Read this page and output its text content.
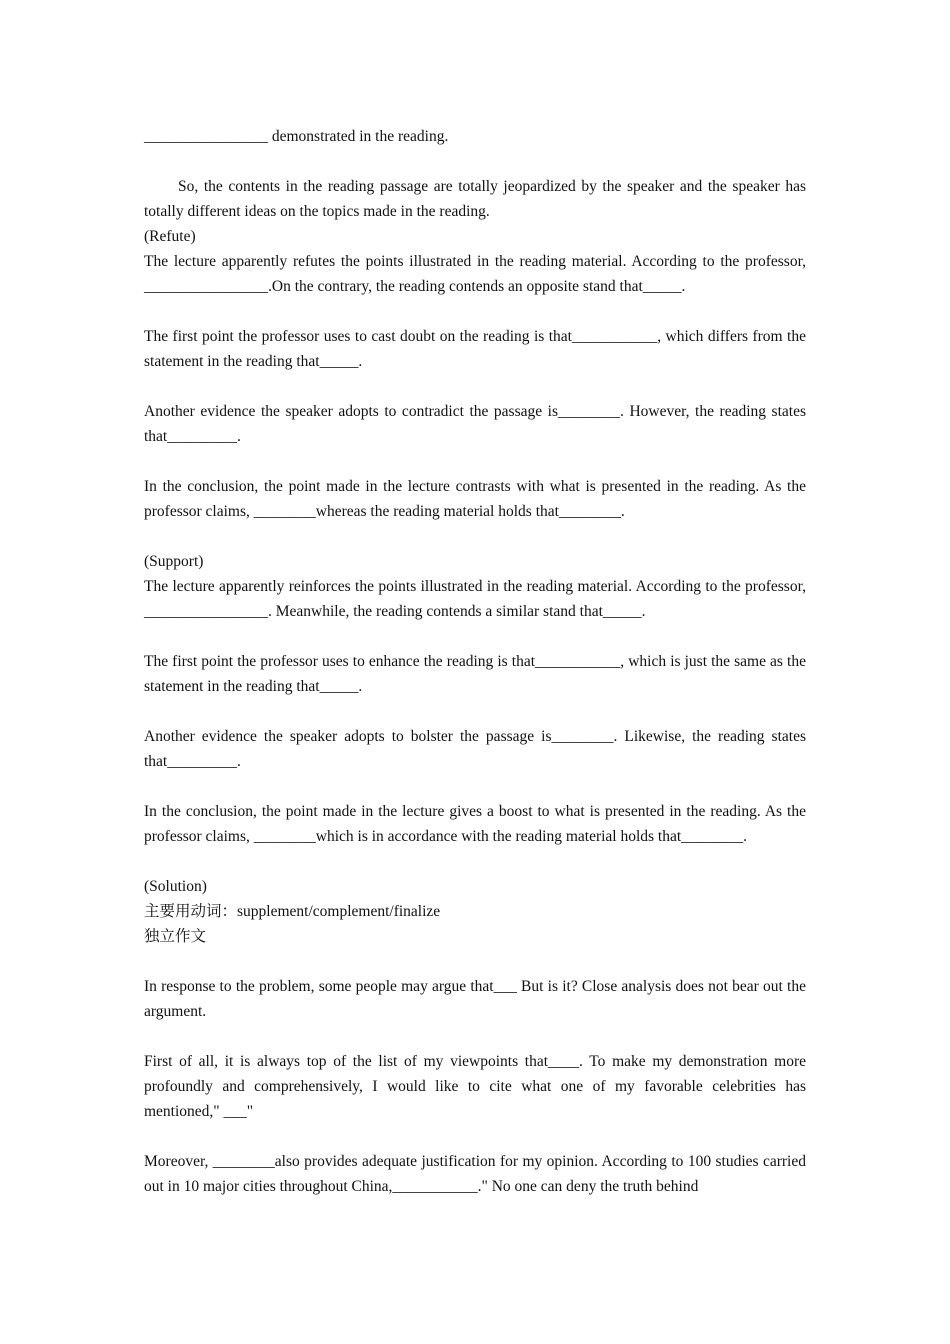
________________ demonstrated in the reading.

So, the contents in the reading passage are totally jeopardized by the speaker and the speaker has totally different ideas on the topics made in the reading.

(Refute)

The lecture apparently refutes the points illustrated in the reading material. According to the professor, ________________.On the contrary, the reading contends an opposite stand that_____.

The first point the professor uses to cast doubt on the reading is that___________, which differs from the statement in the reading that_____.

Another evidence the speaker adopts to contradict the passage is________. However, the reading states that_________.

In the conclusion, the point made in the lecture contrasts with what is presented in the reading. As the professor claims, ________whereas the reading material holds that________.

(Support)

The lecture apparently reinforces the points illustrated in the reading material. According to the professor, ________________. Meanwhile, the reading contends a similar stand that_____.

The first point the professor uses to enhance the reading is that___________, which is just the same as the statement in the reading that_____.

Another evidence the speaker adopts to bolster the passage is________. Likewise, the reading states that_________.

In the conclusion, the point made in the lecture gives a boost to what is presented in the reading. As the professor claims, ________which is in accordance with the reading material holds that________.

(Solution)

主要用动词：supplement/complement/finalize

独立作文

In response to the problem, some people may argue that___ But is it? Close analysis does not bear out the argument.

First of all, it is always top of the list of my viewpoints that____. To make my demonstration more profoundly and comprehensively, I would like to cite what one of my favorable celebrities has mentioned," ___"

Moreover, ________also provides adequate justification for my opinion. According to 100 studies carried out in 10 major cities throughout China,___________." No one can deny the truth behind
